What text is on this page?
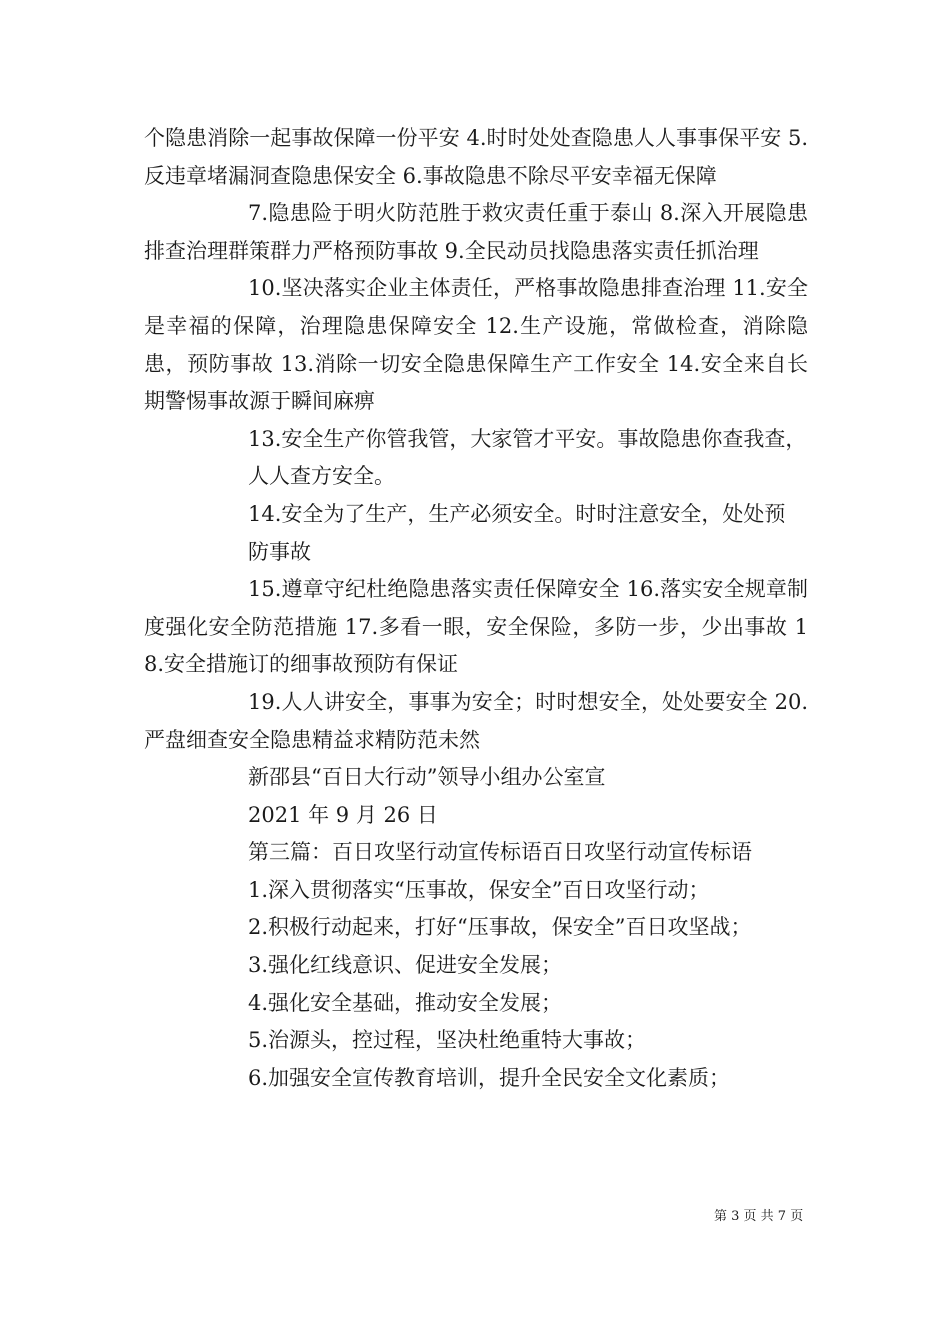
个隐患消除一起事故保障一份平安 4.时时处处查隐患人人事事保平安 5.反违章堵漏洞查隐患保安全 6.事故隐患不除尽平安幸福无保障

7.隐患险于明火防范胜于救灾责任重于泰山 8.深入开展隐患排查治理群策群力严格预防事故 9.全民动员找隐患落实责任抓治理

10.坚决落实企业主体责任，严格事故隐患排查治理 11.安全是幸福的保障，治理隐患保障安全 12.生产设施，常做检查，消除隐患，预防事故 13.消除一切安全隐患保障生产工作安全 14.安全来自长期警惕事故源于瞬间麻痹

13.安全生产你管我管，大家管才平安。事故隐患你查我查，

人人查方安全。

14.安全为了生产，生产必须安全。时时注意安全，处处预

防事故

15.遵章守纪杜绝隐患落实责任保障安全 16.落实安全规章制度强化安全防范措施 17.多看一眼，安全保险，多防一步，少出事故 18.安全措施订的细事故预防有保证

19.人人讲安全，事事为安全；时时想安全，处处要安全 20.严盘细查安全隐患精益求精防范未然

新邵县“百日大行动”领导小组办公室宣

2021 年 9 月 26 日

第三篇：百日攻坚行动宣传标语百日攻坚行动宣传标语

1.深入贯彻落实“压事故，保安全”百日攻坚行动；

2.积极行动起来，打好“压事故，保安全”百日攻坚战；

3.强化红线意识、促进安全发展；

4.强化安全基础，推动安全发展；

5.治源头，控过程，坚决杜绝重特大事故；

6.加强安全宣传教育培训，提升全民安全文化素质；

第 3 页 共 7 页
